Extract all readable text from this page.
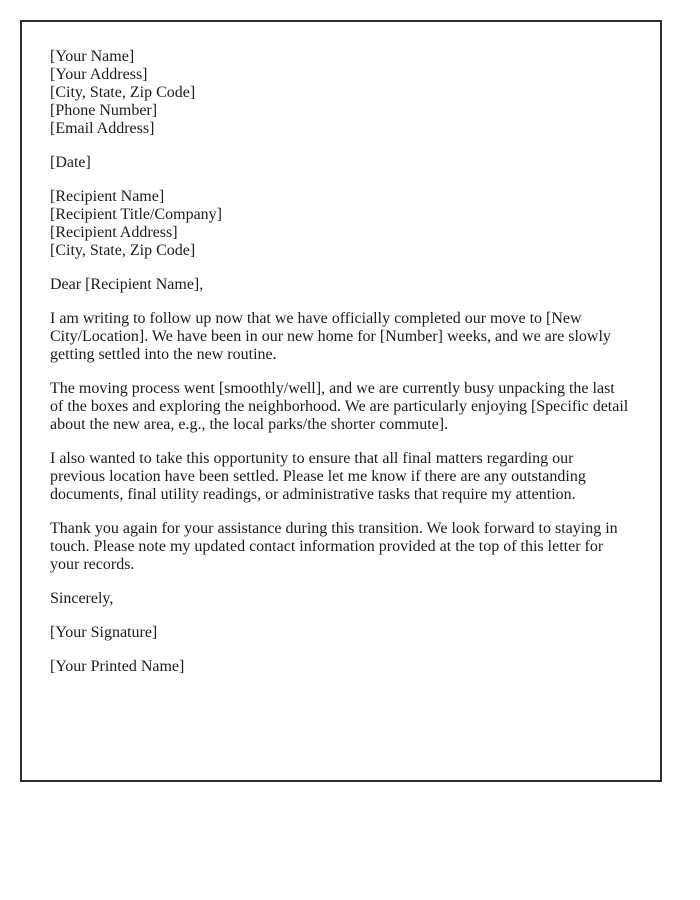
[Your Name]
[Your Address]
[City, State, Zip Code]
[Phone Number]
[Email Address]

[Date]

[Recipient Name]
[Recipient Title/Company]
[Recipient Address]
[City, State, Zip Code]

Dear [Recipient Name],

I am writing to follow up now that we have officially completed our move to [New City/Location]. We have been in our new home for [Number] weeks, and we are slowly getting settled into the new routine.

The moving process went [smoothly/well], and we are currently busy unpacking the last of the boxes and exploring the neighborhood. We are particularly enjoying [Specific detail about the new area, e.g., the local parks/the shorter commute].

I also wanted to take this opportunity to ensure that all final matters regarding our previous location have been settled. Please let me know if there are any outstanding documents, final utility readings, or administrative tasks that require my attention.

Thank you again for your assistance during this transition. We look forward to staying in touch. Please note my updated contact information provided at the top of this letter for your records.

Sincerely,

[Your Signature]

[Your Printed Name]
